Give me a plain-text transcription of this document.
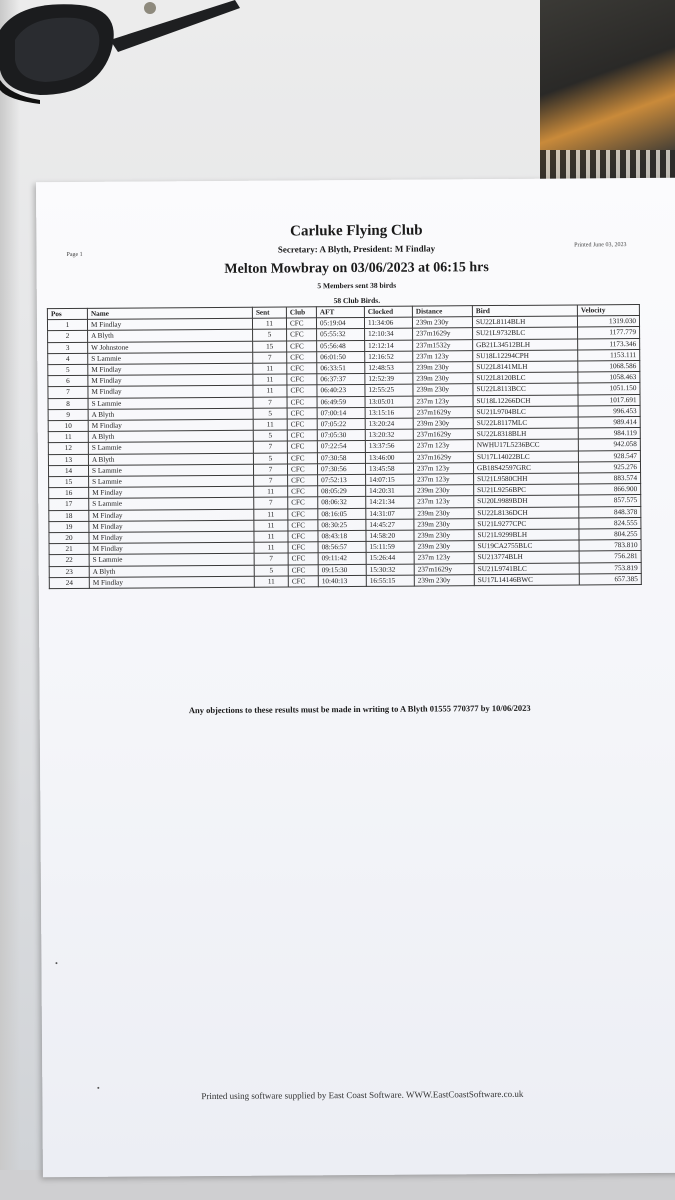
Page 1
Printed June 03, 2023
Carluke Flying Club
Secretary: A Blyth, President: M Findlay
Melton Mowbray on 03/06/2023 at 06:15 hrs
5 Members sent 38 birds
58 Club Birds.
Pos	Name	Sent	Club	AFT	Clocked	Distance	Bird	Velocity
1	M Findlay	11	CFC	05:19:04	11:34:06	239m 230y	SU22L8114BLH	1319.030
2	A Blyth	5	CFC	05:55:32	12:10:34	237m1629y	SU21L9732BLC	1177.779
3	W Johnstone	15	CFC	05:56:48	12:12:14	237m1532y	GB21L34512BLH	1173.346
4	S Lammie	7	CFC	06:01:50	12:16:52	237m 123y	SU18L12294CPH	1153.111
5	M Findlay	11	CFC	06:33:51	12:48:53	239m 230y	SU22L8141MLH	1068.586
6	M Findlay	11	CFC	06:37:37	12:52:39	239m 230y	SU22L8120BLC	1058.463
7	M Findlay	11	CFC	06:40:23	12:55:25	239m 230y	SU22L8113BCC	1051.150
8	S Lammie	7	CFC	06:49:59	13:05:01	237m 123y	SU18L12266DCH	1017.691
9	A Blyth	5	CFC	07:00:14	13:15:16	237m1629y	SU21L9704BLC	996.453
10	M Findlay	11	CFC	07:05:22	13:20:24	239m 230y	SU22L8117MLC	989.414
11	A Blyth	5	CFC	07:05:30	13:20:32	237m1629y	SU22L8318BLH	984.119
12	S Lammie	7	CFC	07:22:54	13:37:56	237m 123y	NWHU17L5236BCC	942.058
13	A Blyth	5	CFC	07:30:58	13:46:00	237m1629y	SU17L14022BLC	928.547
14	S Lammie	7	CFC	07:30:56	13:45:58	237m 123y	GB18S42597GRC	925.276
15	S Lammie	7	CFC	07:52:13	14:07:15	237m 123y	SU21L9580CHH	883.574
16	M Findlay	11	CFC	08:05:29	14:20:31	239m 230y	SU21L9256BPC	866.900
17	S Lammie	7	CFC	08:06:32	14:21:34	237m 123y	SU20L9989BDH	857.575
18	M Findlay	11	CFC	08:16:05	14:31:07	239m 230y	SU22L8136DCH	848.378
19	M Findlay	11	CFC	08:30:25	14:45:27	239m 230y	SU21L9277CPC	824.555
20	M Findlay	11	CFC	08:43:18	14:58:20	239m 230y	SU21L9299BLH	804.255
21	M Findlay	11	CFC	08:56:57	15:11:59	239m 230y	SU19CA2755BLC	783.810
22	S Lammie	7	CFC	09:11:42	15:26:44	237m 123y	SU213774BLH	756.281
23	A Blyth	5	CFC	09:15:30	15:30:32	237m1629y	SU21L9741BLC	753.819
24	M Findlay	11	CFC	10:40:13	16:55:15	239m 230y	SU17L14146BWC	657.385
Any objections to these results must be made in writing to A Blyth 01555 770377 by 10/06/2023
Printed using software supplied by East Coast Software. WWW.EastCoastSoftware.co.uk
